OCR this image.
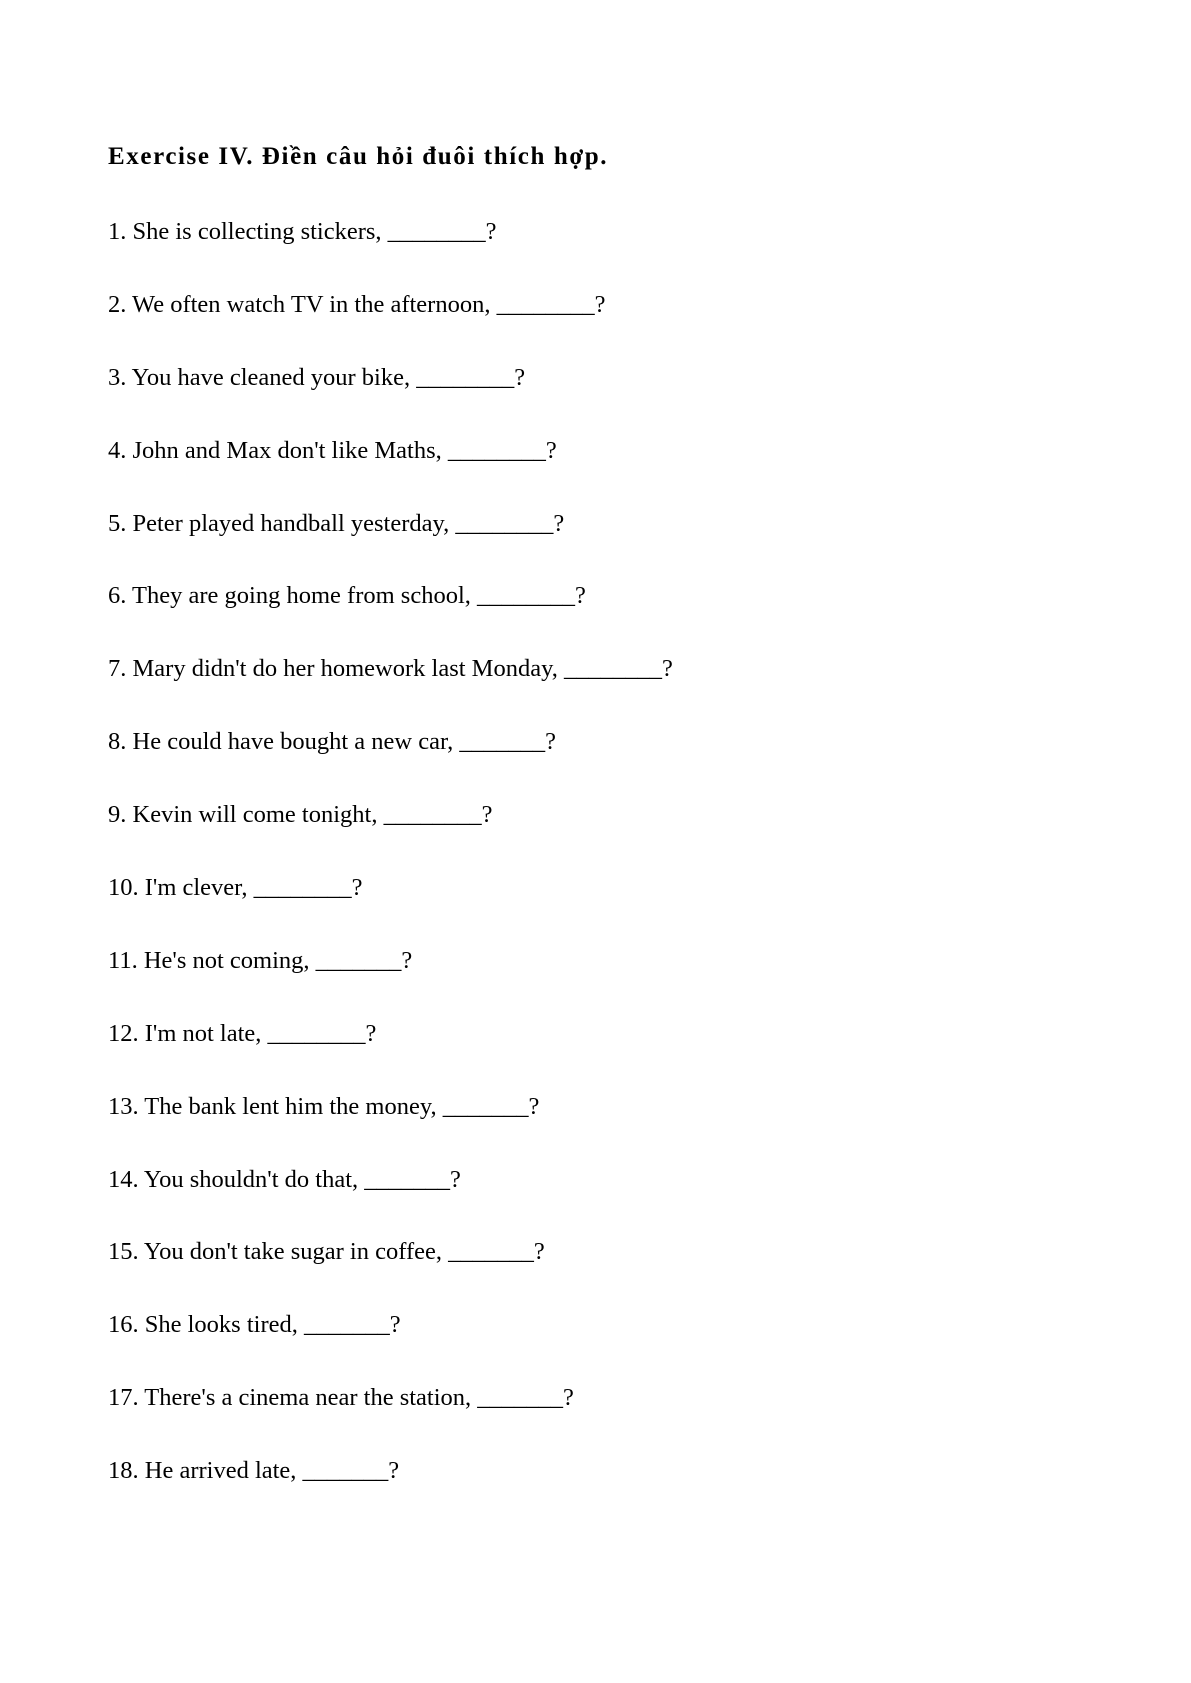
Exercise IV. Điền câu hỏi đuôi thích hợp.
1. She is collecting stickers, ________?
2. We often watch TV in the afternoon, ________?
3. You have cleaned your bike, ________?
4. John and Max don't like Maths, ________?
5. Peter played handball yesterday, ________?
6. They are going home from school, ________?
7. Mary didn't do her homework last Monday, ________?
8. He could have bought a new car, _______?
9. Kevin will come tonight, ________?
10. I'm clever, ________?
11. He's not coming, _______?
12. I'm not late, ________?
13. The bank lent him the money, _______?
14. You shouldn't do that, _______?
15. You don't take sugar in coffee, _______?
16. She looks tired, _______?
17. There's a cinema near the station, _______?
18. He arrived late, _______?
